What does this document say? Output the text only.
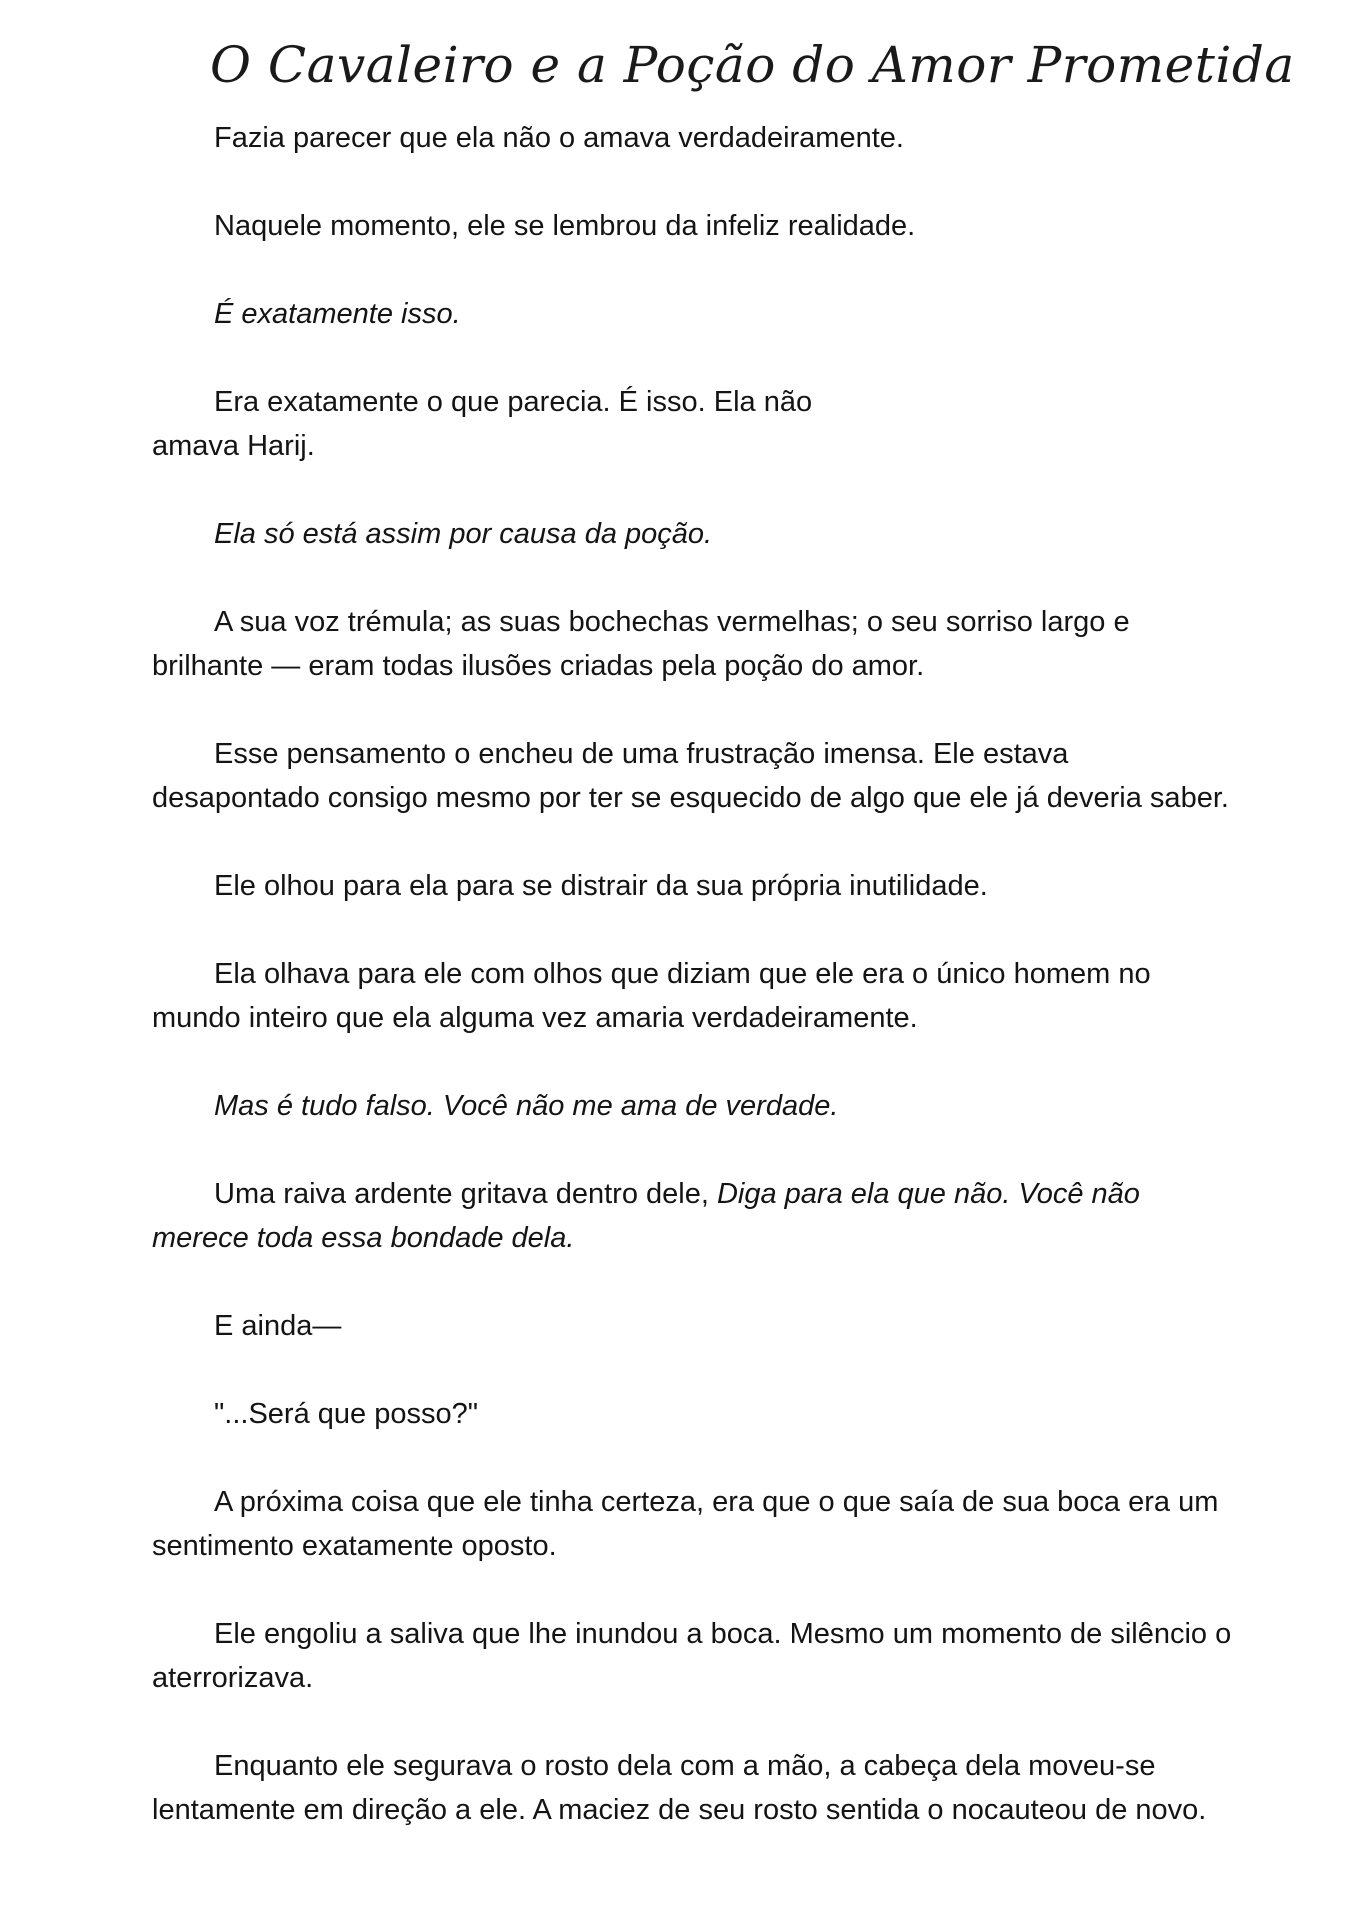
O Cavaleiro e a Poção do Amor Prometida

Fazia parecer que ela não o amava verdadeiramente.

Naquele momento, ele se lembrou da infeliz realidade.

É exatamente isso.

Era exatamente o que parecia. É isso. Ela não
amava Harij.

Ela só está assim por causa da poção.

A sua voz trémula; as suas bochechas vermelhas; o seu sorriso largo e
brilhante — eram todas ilusões criadas pela poção do amor.

Esse pensamento o encheu de uma frustração imensa. Ele estava
desapontado consigo mesmo por ter se esquecido de algo que ele já deveria saber.

Ele olhou para ela para se distrair da sua própria inutilidade.

Ela olhava para ele com olhos que diziam que ele era o único homem no
mundo inteiro que ela alguma vez amaria verdadeiramente.

Mas é tudo falso. Você não me ama de verdade.

Uma raiva ardente gritava dentro dele, Diga para ela que não. Você não
merece toda essa bondade dela.

E ainda—

"...Será que posso?"

A próxima coisa que ele tinha certeza, era que o que saía de sua boca era um
sentimento exatamente oposto.

Ele engoliu a saliva que lhe inundou a boca. Mesmo um momento de silêncio o
aterrorizava.

Enquanto ele segurava o rosto dela com a mão, a cabeça dela moveu-se
lentamente em direção a ele. A maciez de seu rosto sentida o nocauteou de novo.
